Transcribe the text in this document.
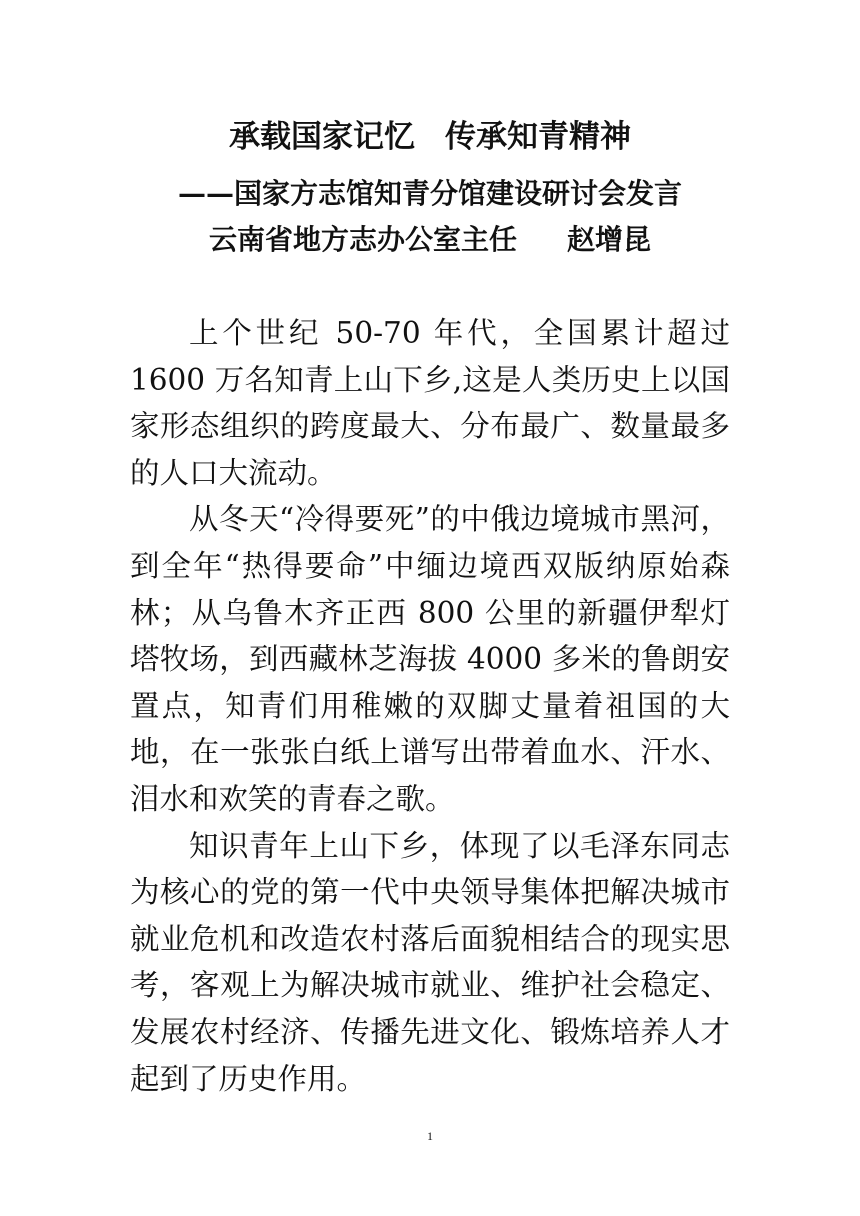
承载国家记忆 传承知青精神
——国家方志馆知青分馆建设研讨会发言
云南省地方志办公室主任 赵增昆

上个世纪 50-70 年代，全国累计超过 1600 万名知青上山下乡,这是人类历史上以国家形态组织的跨度最大、分布最广、数量最多的人口大流动。

从冬天“冷得要死”的中俄边境城市黑河，到全年“热得要命”中缅边境西双版纳原始森林；从乌鲁木齐正西 800 公里的新疆伊犁灯塔牧场，到西藏林芝海拔 4000 多米的鲁朗安置点，知青们用稚嫩的双脚丈量着祖国的大地，在一张张白纸上谱写出带着血水、汗水、泪水和欢笑的青春之歌。

知识青年上山下乡，体现了以毛泽东同志为核心的党的第一代中央领导集体把解决城市就业危机和改造农村落后面貌相结合的现实思考，客观上为解决城市就业、维护社会稳定、发展农村经济、传播先进文化、锻炼培养人才起到了历史作用。

1
